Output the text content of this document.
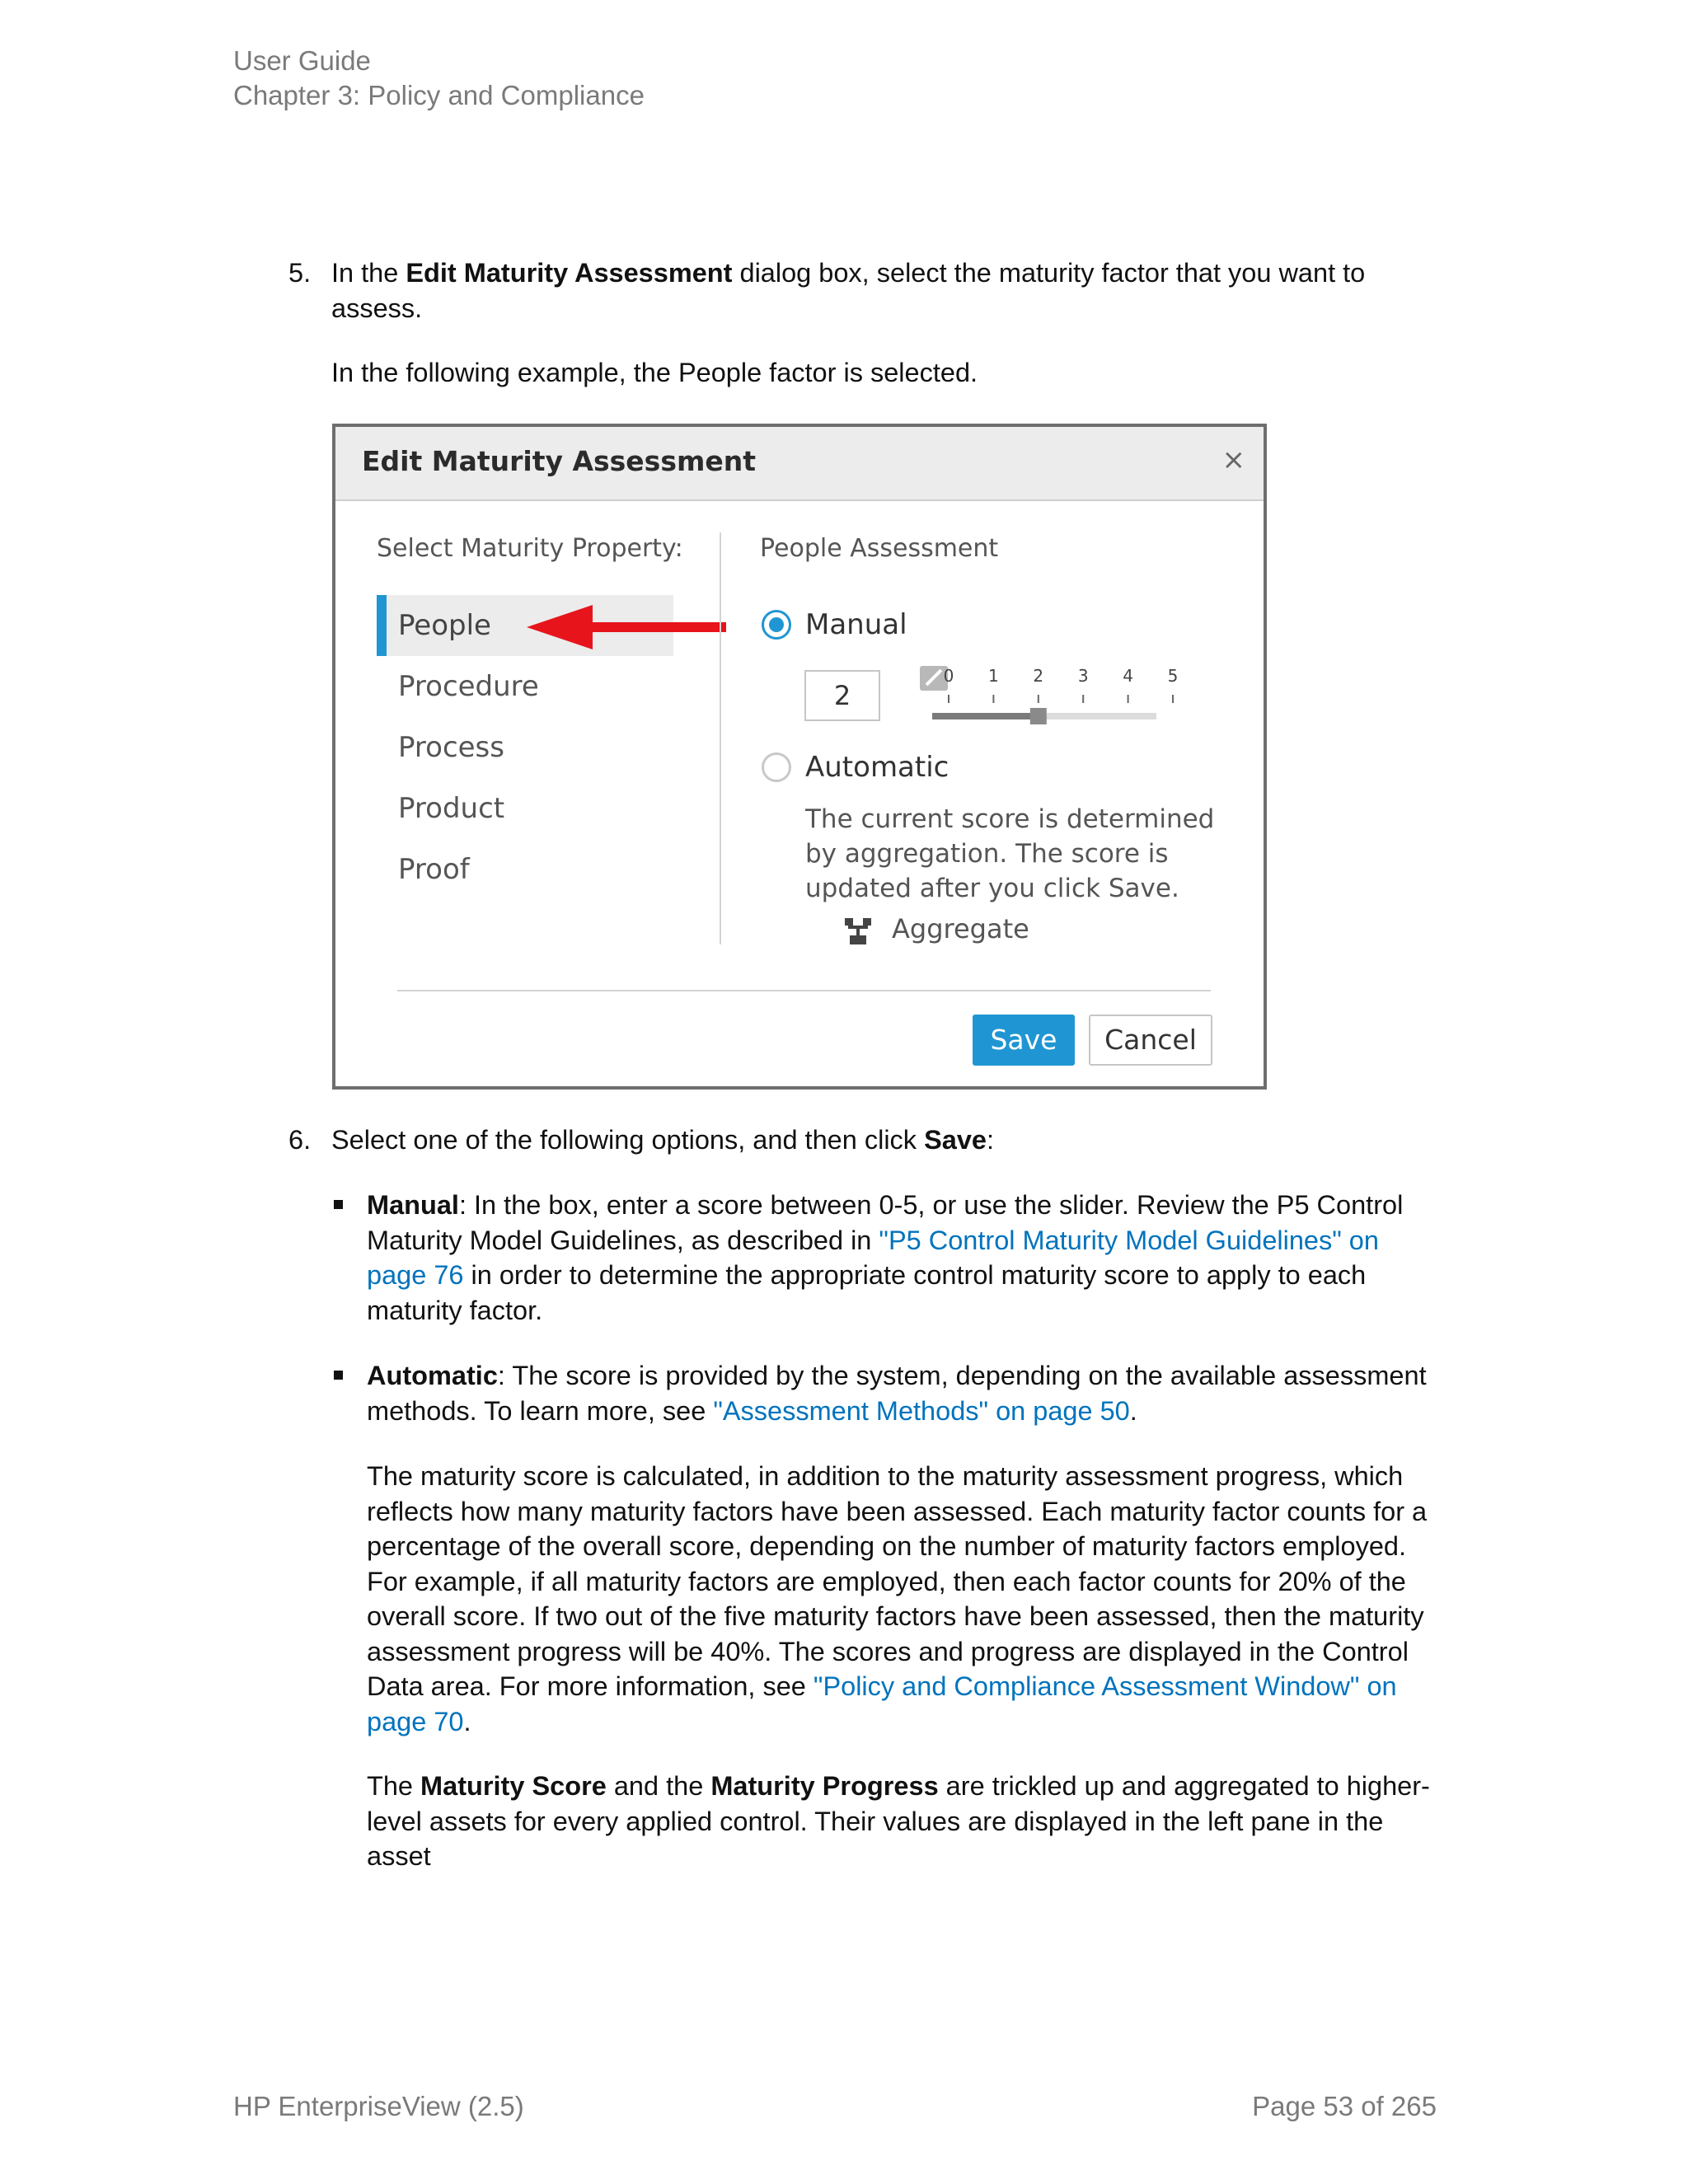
User Guide
Chapter 3: Policy and Compliance
5. In the Edit Maturity Assessment dialog box, select the maturity factor that you want to assess.
In the following example, the People factor is selected.
Edit Maturity Assessment	×
Select Maturity Property:
People
Procedure
Process
Product
Proof
People Assessment
Manual
2
0 1 2 3 4 5
Automatic
The current score is determined by aggregation. The score is updated after you click Save.
Aggregate
Save	Cancel
6. Select one of the following options, and then click Save:
Manual: In the box, enter a score between 0-5, or use the slider. Review the P5 Control Maturity Model Guidelines, as described in "P5 Control Maturity Model Guidelines" on page 76 in order to determine the appropriate control maturity score to apply to each maturity factor.
Automatic: The score is provided by the system, depending on the available assessment methods. To learn more, see "Assessment Methods" on page 50.
The maturity score is calculated, in addition to the maturity assessment progress, which reflects how many maturity factors have been assessed. Each maturity factor counts for a percentage of the overall score, depending on the number of maturity factors employed. For example, if all maturity factors are employed, then each factor counts for 20% of the overall score. If two out of the five maturity factors have been assessed, then the maturity assessment progress will be 40%. The scores and progress are displayed in the Control Data area. For more information, see "Policy and Compliance Assessment Window" on page 70.
The Maturity Score and the Maturity Progress are trickled up and aggregated to higher-level assets for every applied control. Their values are displayed in the left pane in the asset
HP EnterpriseView (2.5)	Page 53 of 265
